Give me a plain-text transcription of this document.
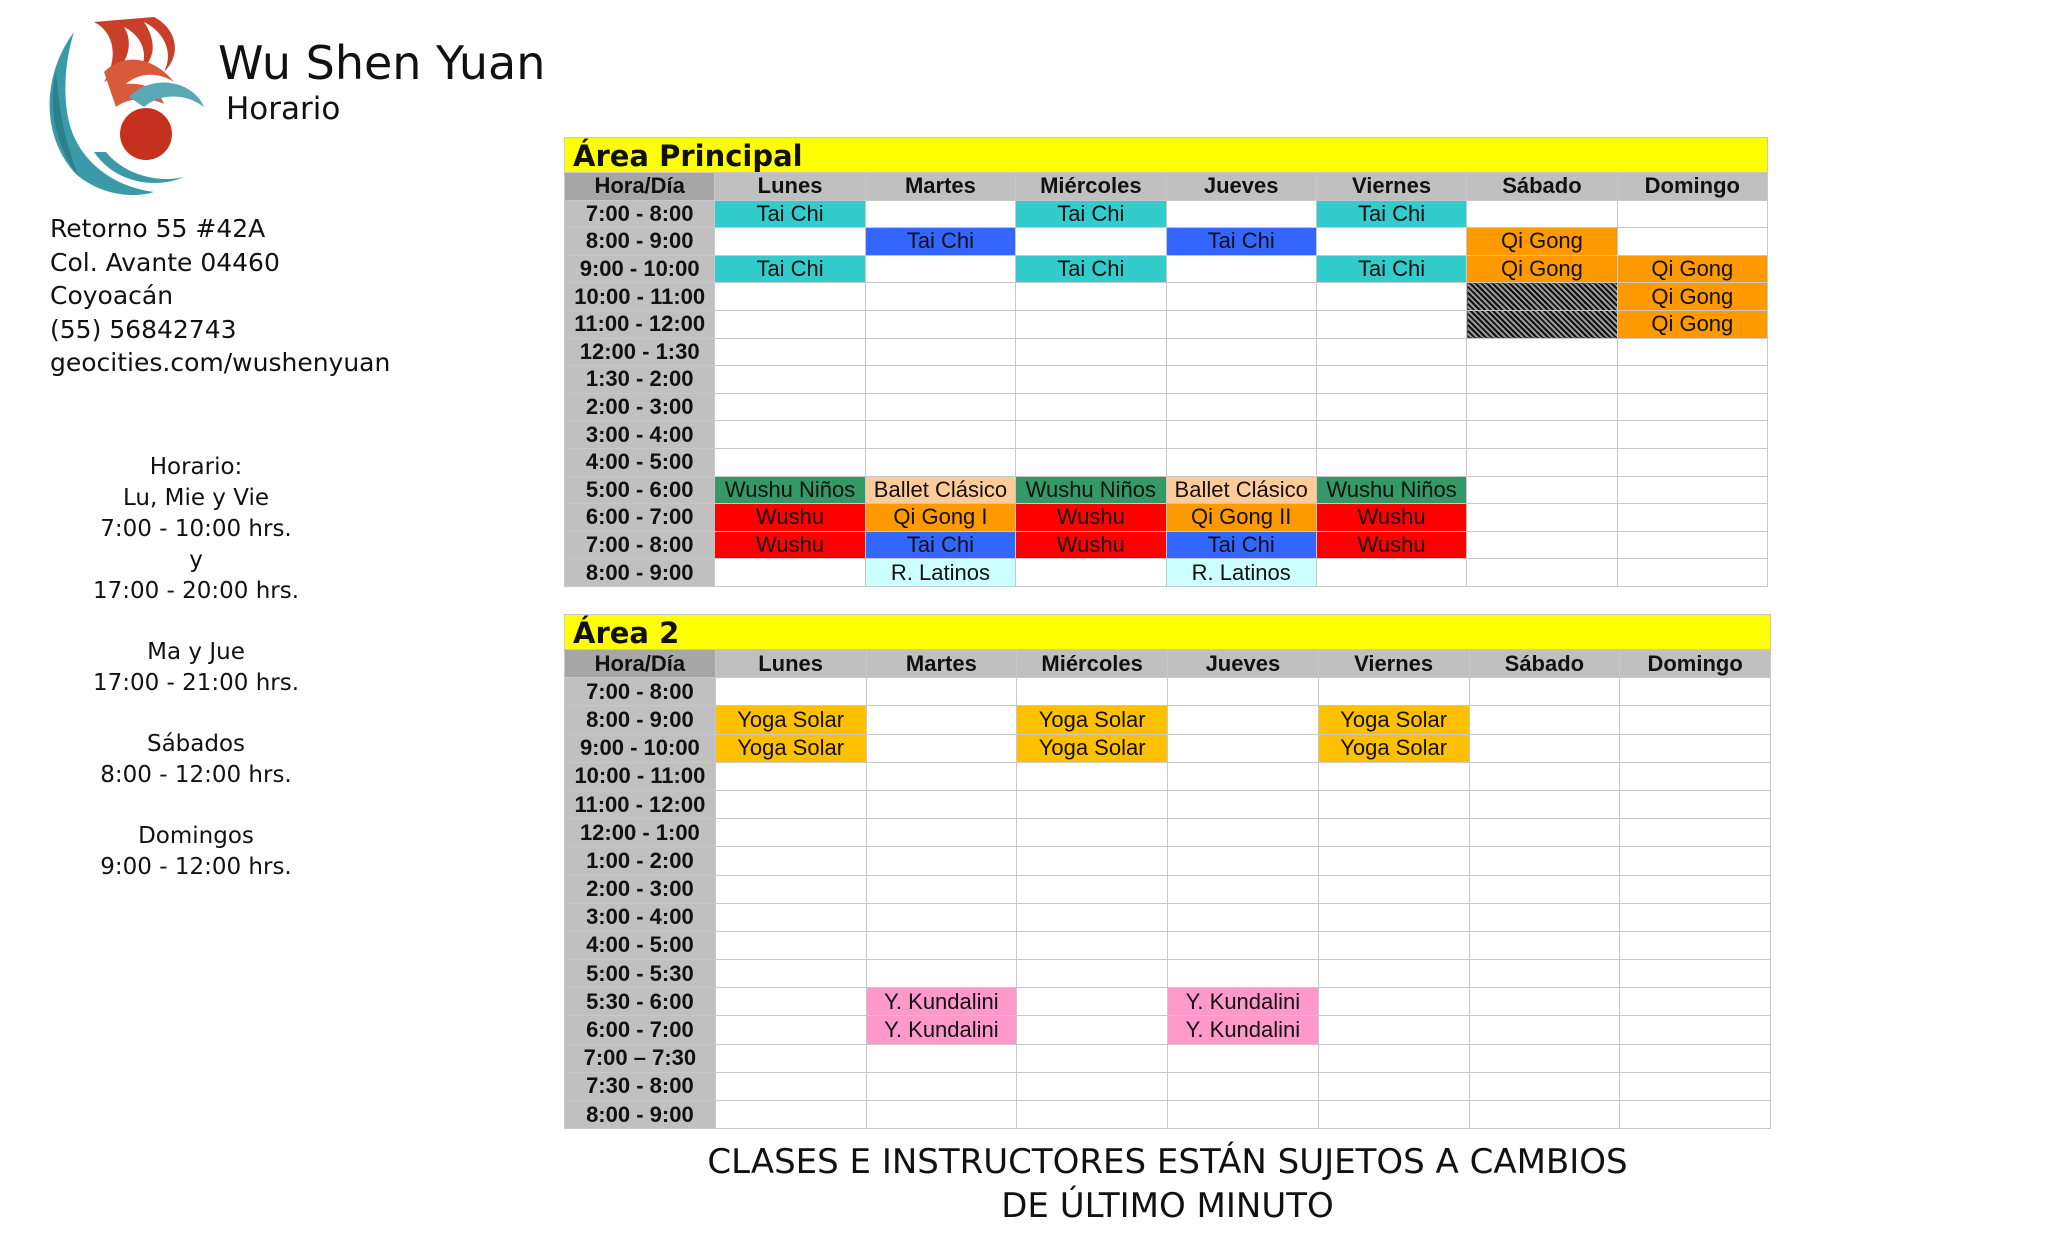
Wu Shen Yuan
Horario
Retorno 55 #42A
Col. Avante 04460
Coyoacán
(55) 56842743
geocities.com/wushenyuan
Horario:
Lu, Mie y Vie
7:00 - 10:00 hrs.
y
17:00 - 20:00 hrs.
Ma y Jue
17:00 - 21:00 hrs.
Sábados
8:00 - 12:00 hrs.
Domingos
9:00 - 12:00 hrs.
Área Principal
Hora/Día	Lunes	Martes	Miércoles	Jueves	Viernes	Sábado	Domingo
7:00 - 8:00	Tai Chi		Tai Chi		Tai Chi		
8:00 - 9:00		Tai Chi		Tai Chi		Qi Gong	
9:00 - 10:00	Tai Chi		Tai Chi		Tai Chi	Qi Gong	Qi Gong
10:00 - 11:00							Qi Gong
11:00 - 12:00							Qi Gong
12:00 - 1:30							
1:30 - 2:00							
2:00 - 3:00							
3:00 - 4:00							
4:00 - 5:00							
5:00 - 6:00	Wushu Niños	Ballet Clásico	Wushu Niños	Ballet Clásico	Wushu Niños		
6:00 - 7:00	Wushu	Qi Gong I	Wushu	Qi Gong II	Wushu		
7:00 - 8:00	Wushu	Tai Chi	Wushu	Tai Chi	Wushu		
8:00 - 9:00		R. Latinos		R. Latinos			
Área 2
Hora/Día	Lunes	Martes	Miércoles	Jueves	Viernes	Sábado	Domingo
7:00 - 8:00							
8:00 - 9:00	Yoga Solar		Yoga Solar		Yoga Solar		
9:00 - 10:00	Yoga Solar		Yoga Solar		Yoga Solar		
10:00 - 11:00							
11:00 - 12:00							
12:00 - 1:00							
1:00 - 2:00							
2:00 - 3:00							
3:00 - 4:00							
4:00 - 5:00							
5:00 - 5:30							
5:30 - 6:00		Y. Kundalini		Y. Kundalini			
6:00 - 7:00		Y. Kundalini		Y. Kundalini			
7:00 – 7:30							
7:30 - 8:00							
8:00 - 9:00							
CLASES E INSTRUCTORES ESTÁN SUJETOS A CAMBIOS
DE ÚLTIMO MINUTO
